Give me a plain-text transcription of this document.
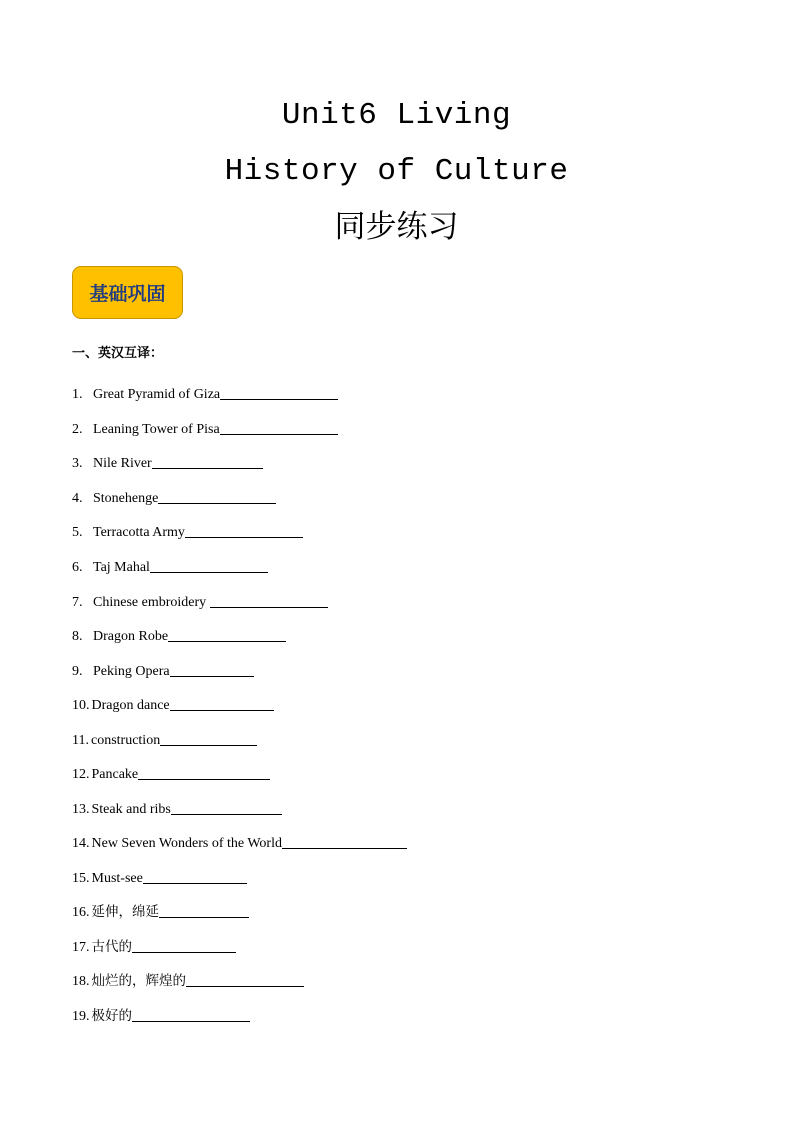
Unit6 Living
History of Culture
同步练习
基础巩固
一、英汉互译：
1. Great Pyramid of Giza
2. Leaning Tower of Pisa
3. Nile River
4. Stonehenge
5. Terracotta Army
6. Taj Mahal
7. Chinese embroidery
8. Dragon Robe
9. Peking Opera
10. Dragon dance
11. construction
12. Pancake
13. Steak and ribs
14. New Seven Wonders of the World
15. Must-see
16. 延伸，绵延
17. 古代的
18. 灿烂的，辉煌的
19. 极好的
